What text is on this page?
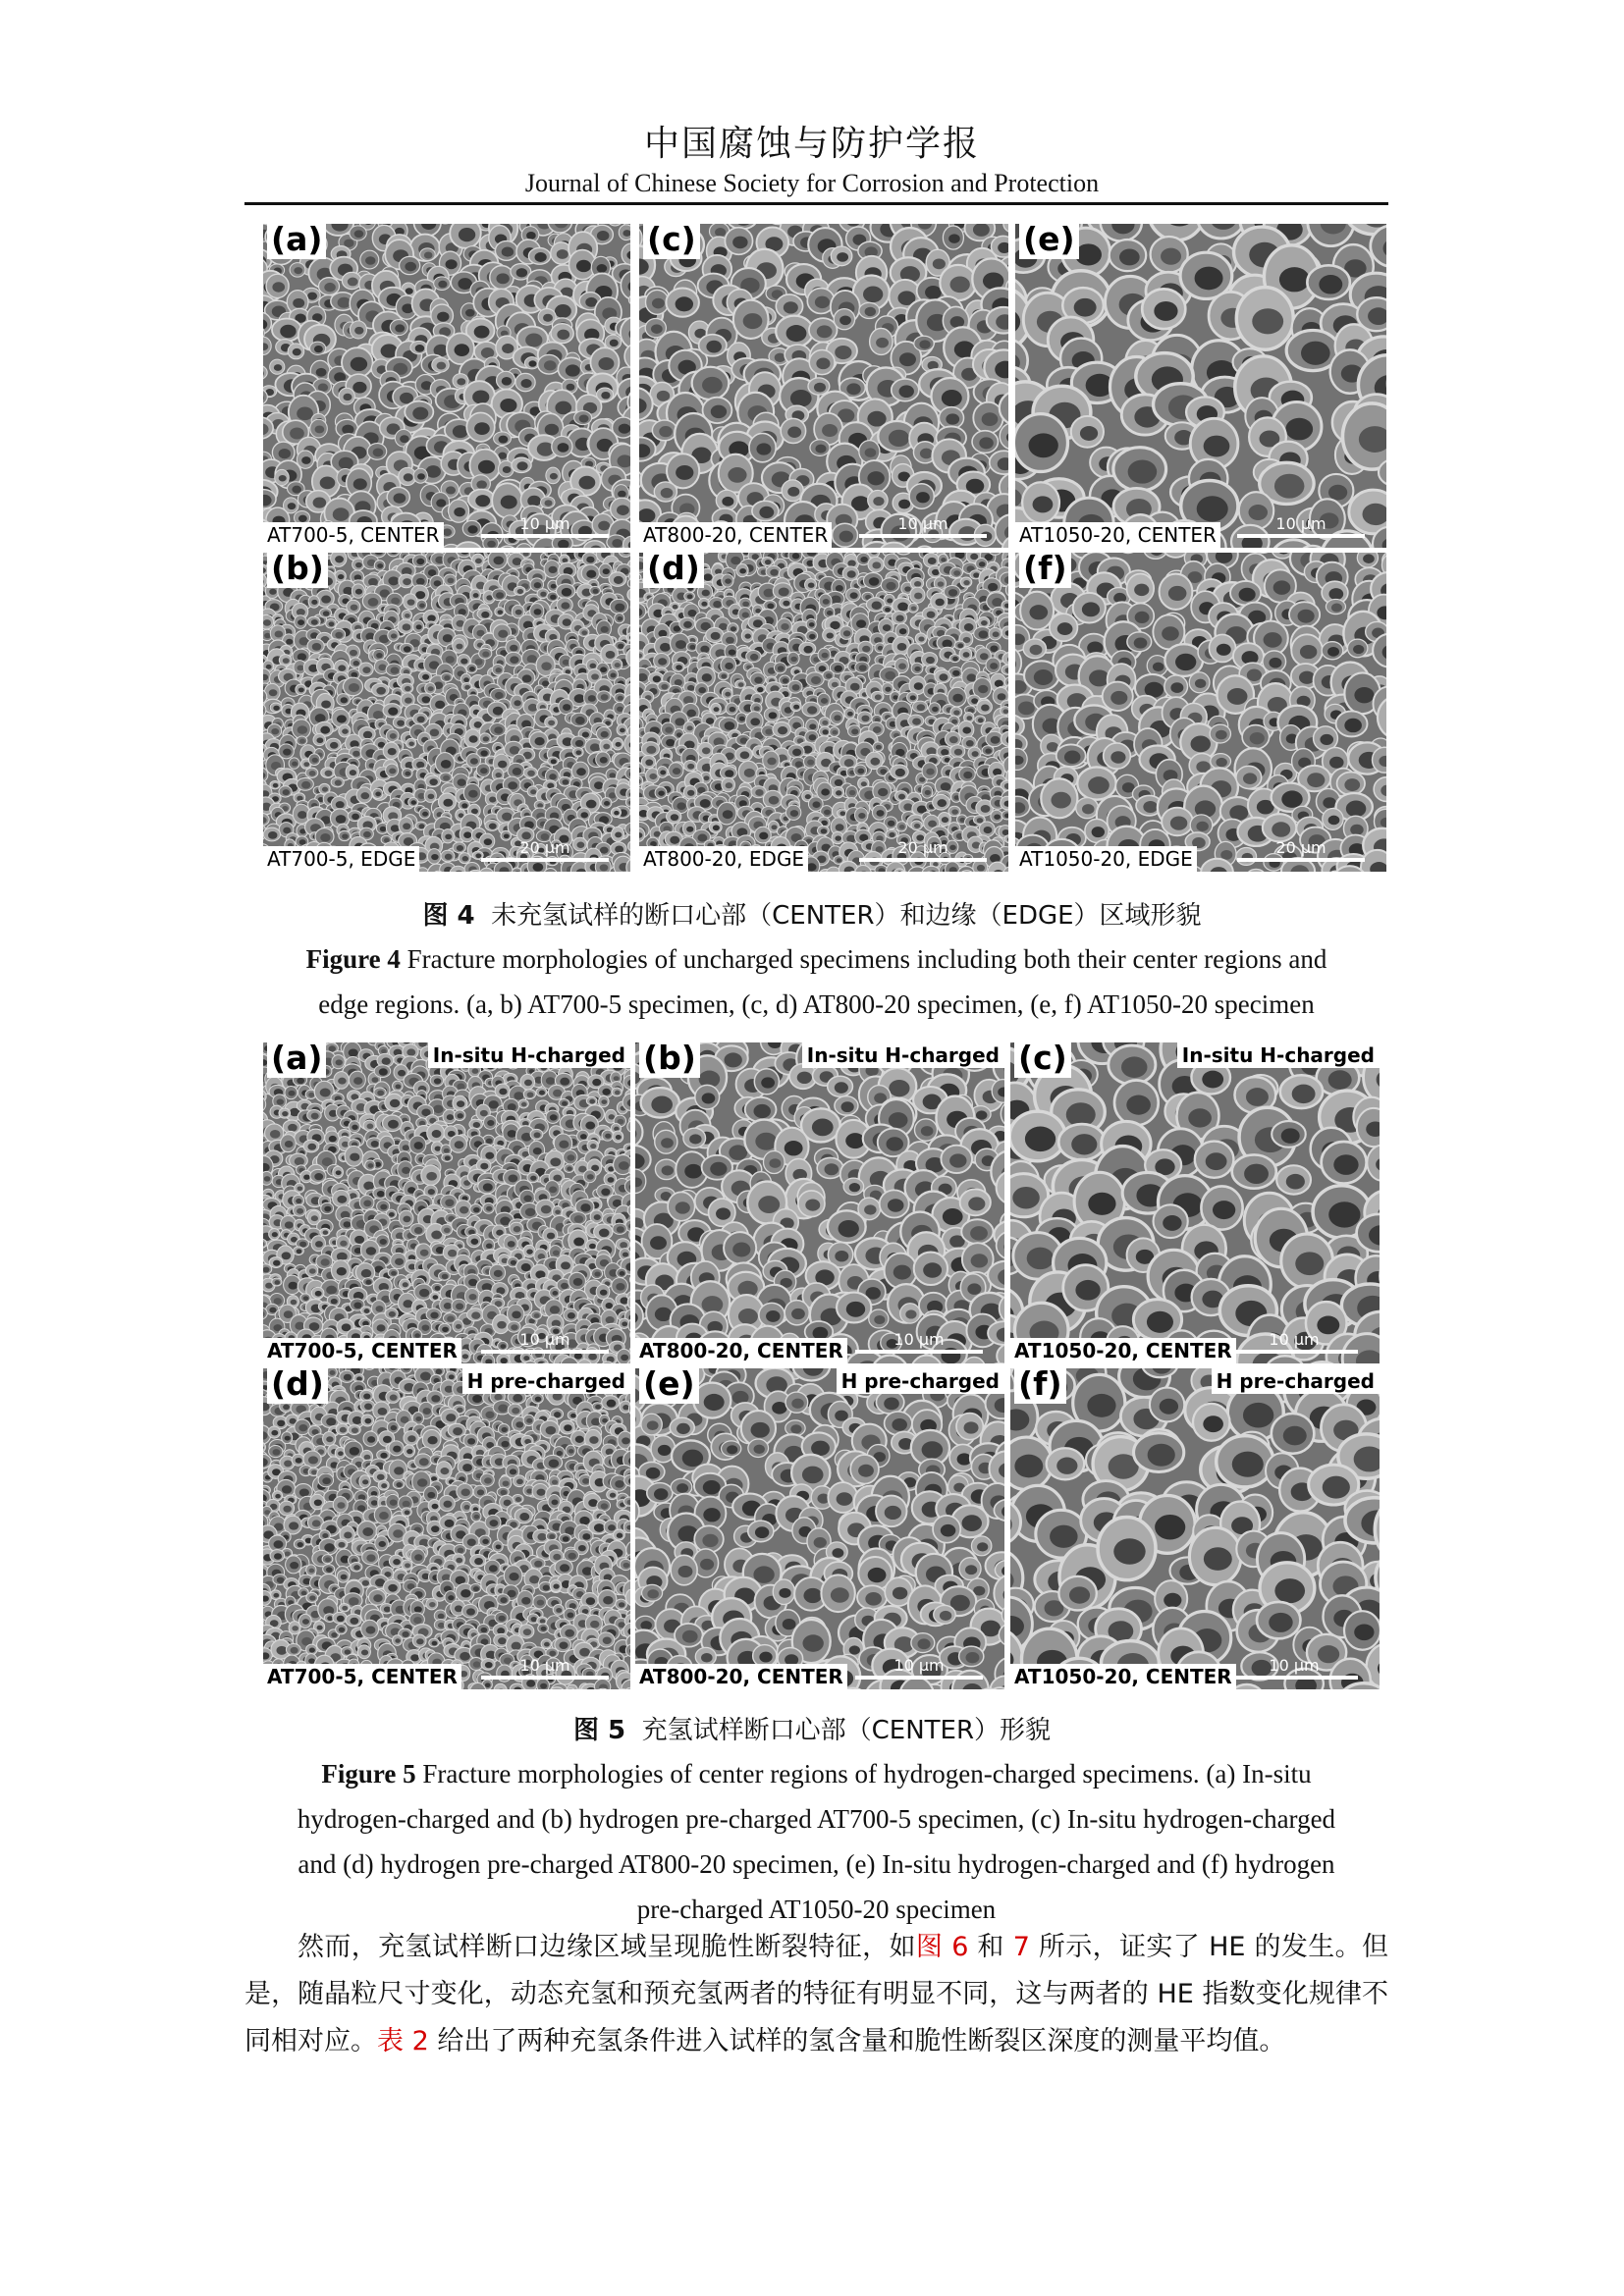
中国腐蚀与防护学报
Journal of Chinese Society for Corrosion and Protection
(a)
AT700-5, CENTER	10 μm
(c)
AT800-20, CENTER	10 μm
(e)
AT1050-20, CENTER	10 μm
(b)
AT700-5, EDGE	20 μm
(d)
AT800-20, EDGE	20 μm
(f)
AT1050-20, EDGE	20 μm
图 4 未充氢试样的断口心部（CENTER）和边缘（EDGE）区域形貌
Figure 4 Fracture morphologies of uncharged specimens including both their center regions and
edge regions. (a, b) AT700-5 specimen, (c, d) AT800-20 specimen, (e, f) AT1050-20 specimen
(a)	In-situ H-charged
AT700-5, CENTER	10 μm
(b)	In-situ H-charged
AT800-20, CENTER	10 μm
(c)	In-situ H-charged
AT1050-20, CENTER	10 μm
(d)	H pre-charged
AT700-5, CENTER	10 μm
(e)	H pre-charged
AT800-20, CENTER	10 μm
(f)	H pre-charged
AT1050-20, CENTER	10 μm
图 5 充氢试样断口心部（CENTER）形貌
Figure 5 Fracture morphologies of center regions of hydrogen-charged specimens. (a) In-situ
hydrogen-charged and (b) hydrogen pre-charged AT700-5 specimen, (c) In-situ hydrogen-charged
and (d) hydrogen pre-charged AT800-20 specimen, (e) In-situ hydrogen-charged and (f) hydrogen
pre-charged AT1050-20 specimen

然而，充氢试样断口边缘区域呈现脆性断裂特征，如图 6 和 7 所示，证实了 HE 的发生。但是，随晶粒尺寸变化，动态充氢和预充氢两者的特征有明显不同，这与两者的 HE 指数变化规律不同相对应。表 2 给出了两种充氢条件进入试样的氢含量和脆性断裂区深度的测量平均值。
